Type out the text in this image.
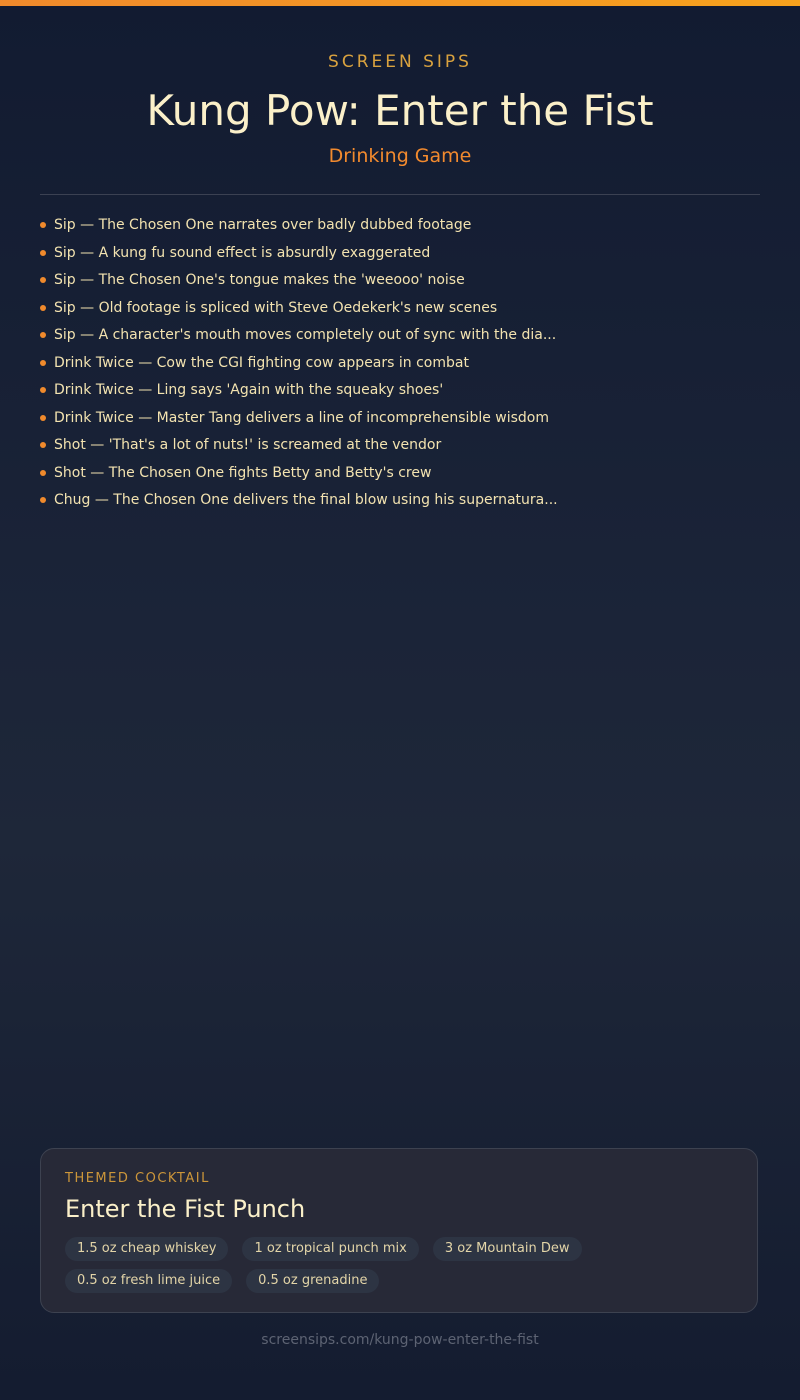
SCREEN SIPS
Kung Pow: Enter the Fist
Drinking Game
Sip — The Chosen One narrates over badly dubbed footage
Sip — A kung fu sound effect is absurdly exaggerated
Sip — The Chosen One's tongue makes the 'weeooo' noise
Sip — Old footage is spliced with Steve Oedekerk's new scenes
Sip — A character's mouth moves completely out of sync with the dia...
Drink Twice — Cow the CGI fighting cow appears in combat
Drink Twice — Ling says 'Again with the squeaky shoes'
Drink Twice — Master Tang delivers a line of incomprehensible wisdom
Shot — 'That's a lot of nuts!' is screamed at the vendor
Shot — The Chosen One fights Betty and Betty's crew
Chug — The Chosen One delivers the final blow using his supernatura...
THEMED COCKTAIL
Enter the Fist Punch
1.5 oz cheap whiskey	1 oz tropical punch mix	3 oz Mountain Dew
0.5 oz fresh lime juice	0.5 oz grenadine
screensips.com/kung-pow-enter-the-fist
